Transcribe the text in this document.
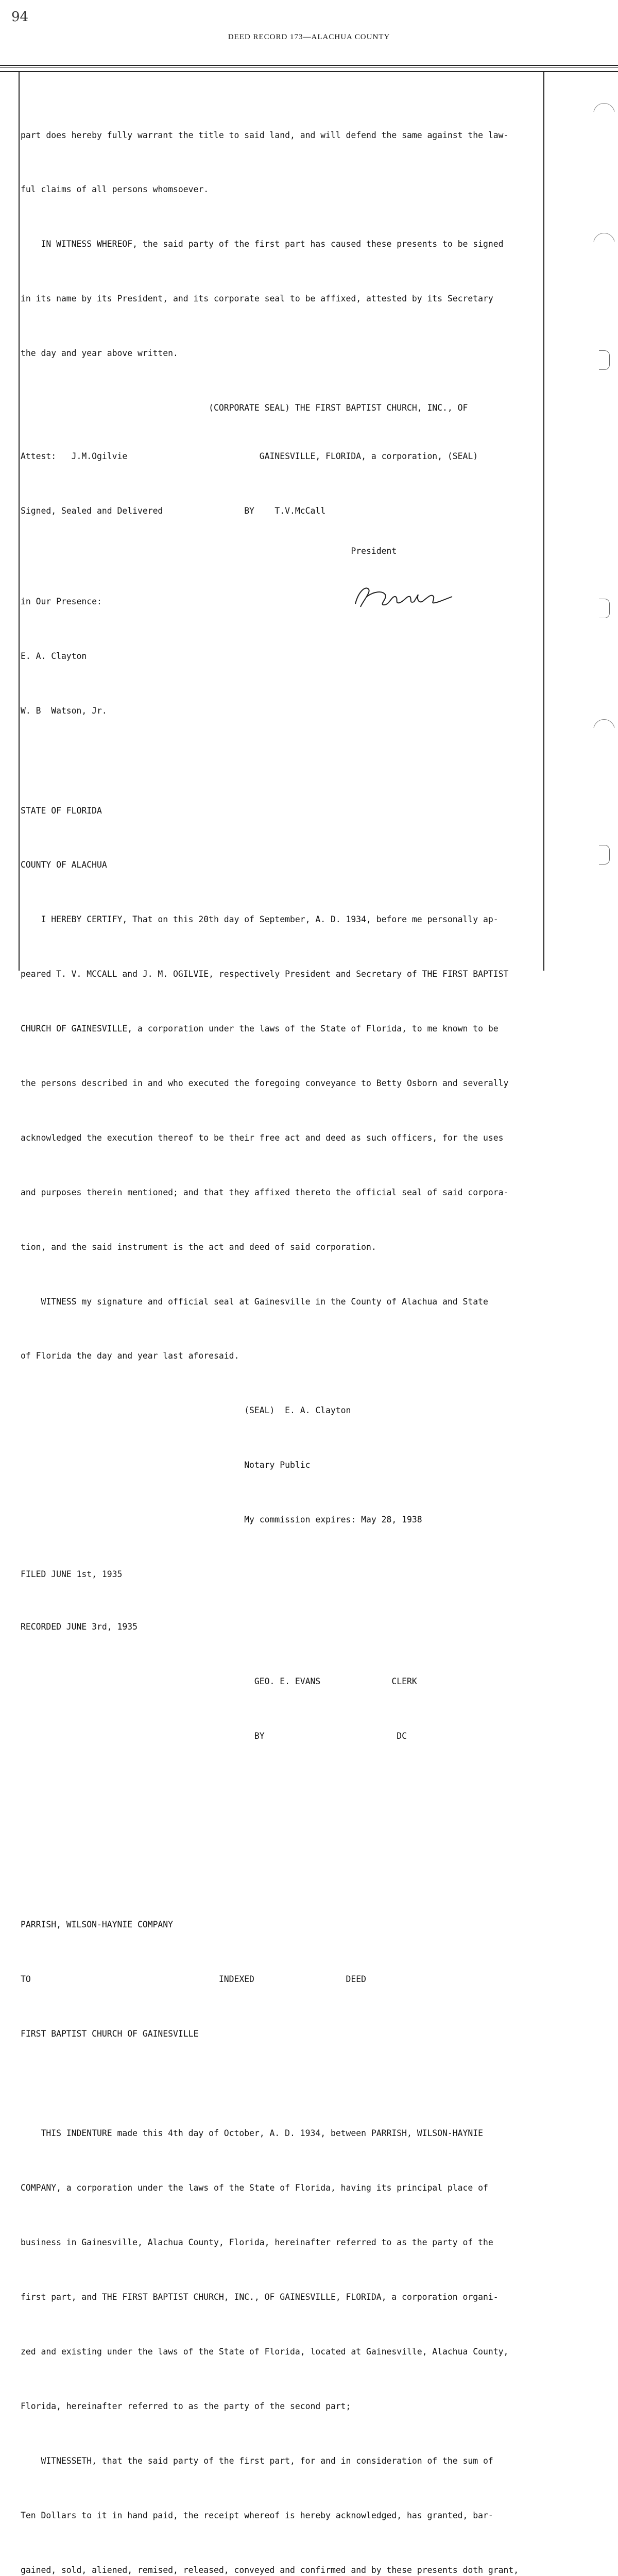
94
DEED RECORD 173—ALACHUA COUNTY

part does hereby fully warrant the title to said land, and will defend the same against the law-

ful claims of all persons whomsoever.

IN WITNESS WHEREOF, the said party of the first part has caused these presents to be signed

in its name by its President, and its corporate seal to be affixed, attested by its Secretary

the day and year above written.

(CORPORATE SEAL) THE FIRST BAPTIST CHURCH, INC., OF

Attest:   J.M.Ogilvie                          GAINESVILLE, FLORIDA, a corporation, (SEAL)

Signed, Sealed and Delivered                BY    T.V.McCall

President

in Our Presence:

E. A. Clayton

W. B  Watson, Jr.

STATE OF FLORIDA

COUNTY OF ALACHUA

I HEREBY CERTIFY, That on this 20th day of September, A. D. 1934, before me personally ap-

peared T. V. MCCALL and J. M. OGILVIE, respectively President and Secretary of THE FIRST BAPTIST

CHURCH OF GAINESVILLE, a corporation under the laws of the State of Florida, to me known to be

the persons described in and who executed the foregoing conveyance to Betty Osborn and severally

acknowledged the execution thereof to be their free act and deed as such officers, for the uses

and purposes therein mentioned; and that they affixed thereto the official seal of said corpora-

tion, and the said instrument is the act and deed of said corporation.

WITNESS my signature and official seal at Gainesville in the County of Alachua and State

of Florida the day and year last aforesaid.

(SEAL)  E. A. Clayton

Notary Public

My commission expires: May 28, 1938

FILED JUNE 1st, 1935

RECORDED JUNE 3rd, 1935

GEO. E. EVANS              CLERK

BY                          DC

PARRISH, WILSON-HAYNIE COMPANY

TO                                     INDEXED                  DEED

FIRST BAPTIST CHURCH OF GAINESVILLE

THIS INDENTURE made this 4th day of October, A. D. 1934, between PARRISH, WILSON-HAYNIE

COMPANY, a corporation under the laws of the State of Florida, having its principal place of

business in Gainesville, Alachua County, Florida, hereinafter referred to as the party of the

first part, and THE FIRST BAPTIST CHURCH, INC., OF GAINESVILLE, FLORIDA, a corporation organi-

zed and existing under the laws of the State of Florida, located at Gainesville, Alachua County,

Florida, hereinafter referred to as the party of the second part;

WITNESSETH, that the said party of the first part, for and in consideration of the sum of

Ten Dollars to it in hand paid, the receipt whereof is hereby acknowledged, has granted, bar-

gained, sold, aliened, remised, released, conveyed and confirmed and by these presents doth grant,
